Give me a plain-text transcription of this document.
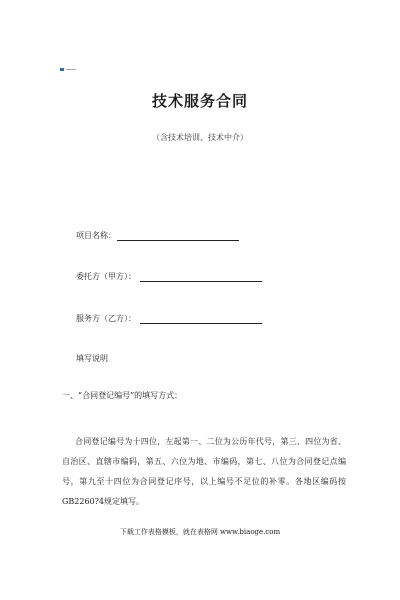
技术服务合同
（含技术培训、技术中介）
项目名称：
委托方（甲方）：
服务方（乙方）：
填写说明
一、“合同登记编号”的填写方式：
合同登记编号为十四位，左起第一、二位为公历年代号，第三、四位为省、自治区、直辖市编码，第五、六位为地、市编码，第七、八位为合同登记点编号，第九至十四位为合同登记序号，以上编号不足位的补零。各地区编码按GB2260?4规定填写。
下载工作表格模板，就在表格网 www.biaoge.com
